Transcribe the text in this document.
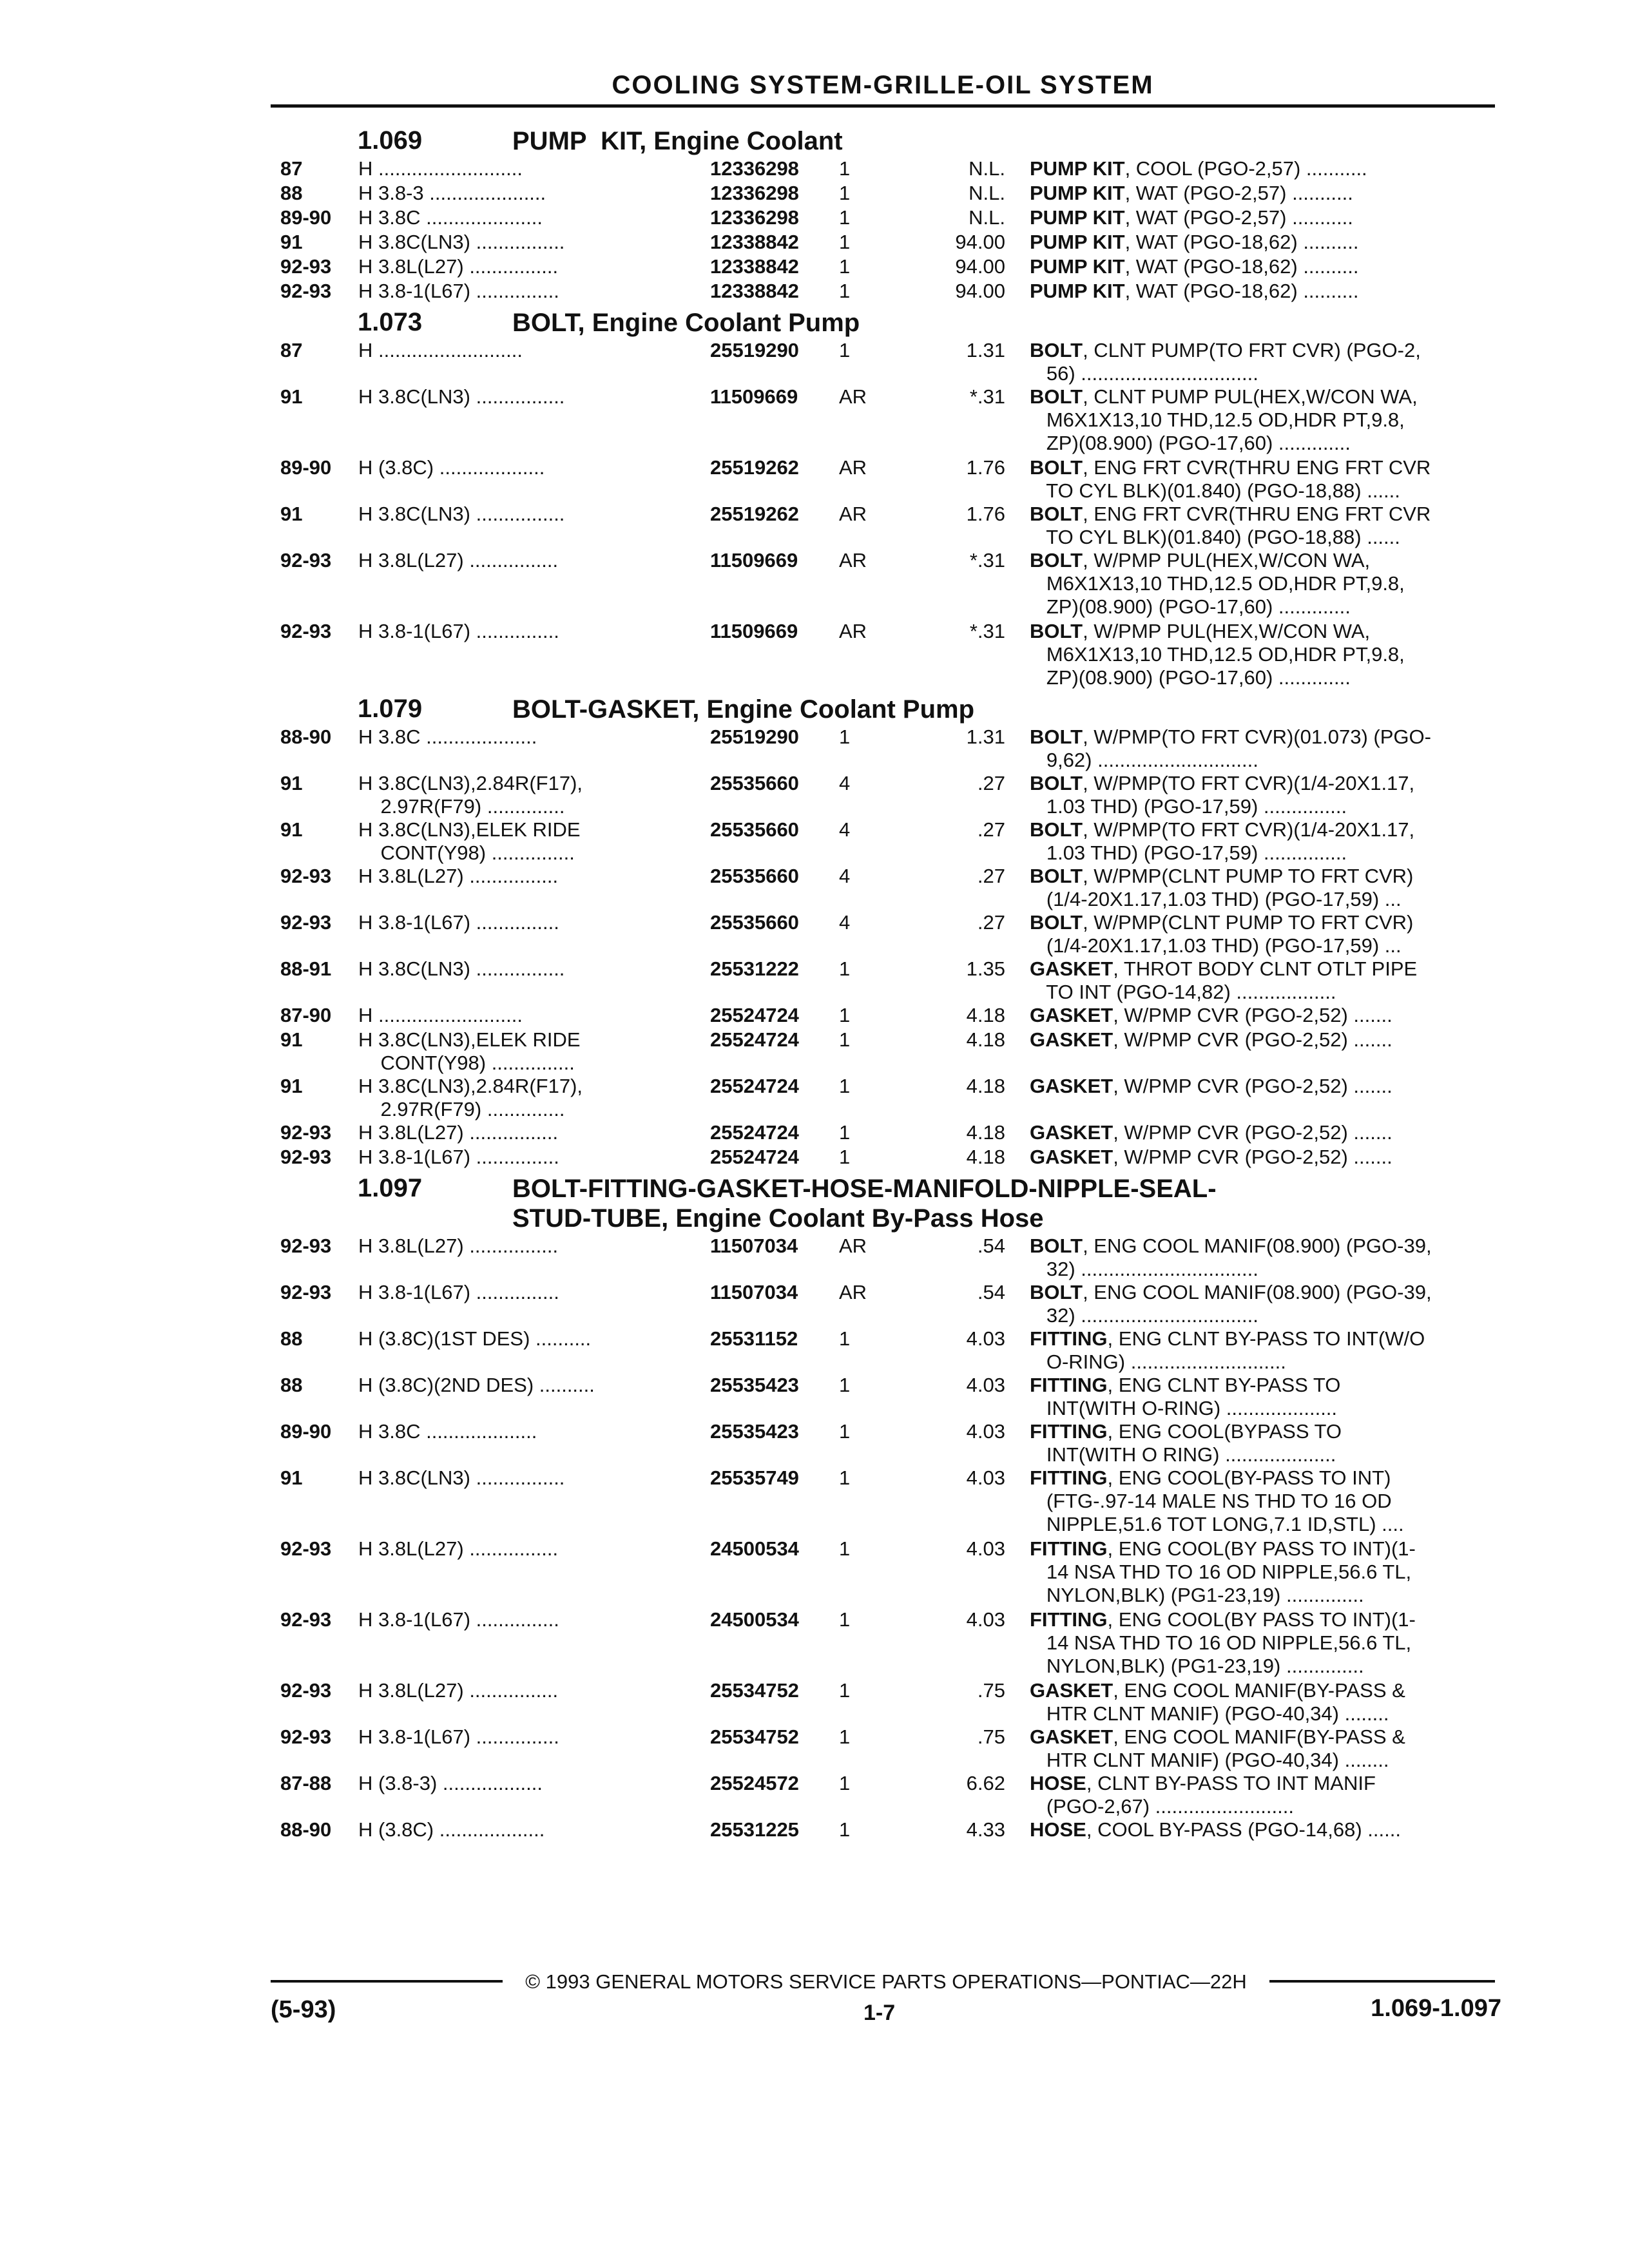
COOLING SYSTEM-GRILLE-OIL SYSTEM
1.069	PUMP  KIT, Engine Coolant
87	H ..........................	12336298	1	N.L. PUMP KIT, COOL (PGO-2,57) ...........
88	H 3.8-3 .....................	12336298	1	N.L. PUMP KIT, WAT (PGO-2,57) ...........
89-90 H 3.8C .....................	12336298	1	N.L. PUMP KIT, WAT (PGO-2,57) ...........
91	H 3.8C(LN3) ................	12338842	1	94.00 PUMP KIT, WAT (PGO-18,62) ..........
92-93 H 3.8L(L27) ................	12338842	1	94.00 PUMP KIT, WAT (PGO-18,62) ..........
92-93 H 3.8-1(L67) ...............	12338842	1	94.00 PUMP KIT, WAT (PGO-18,62) ..........
1.073	BOLT, Engine Coolant Pump
87	H ..........................	25519290	1	1.31 BOLT, CLNT PUMP(TO FRT CVR) (PGO-2,
56) ................................
91	H 3.8C(LN3) ................	11509669	AR	*.31 BOLT, CLNT PUMP PUL(HEX,W/CON WA,
M6X1X13,10 THD,12.5 OD,HDR PT,9.8,
ZP)(08.900) (PGO-17,60) .............
89-90 H (3.8C) ...................	25519262	AR	1.76 BOLT, ENG FRT CVR(THRU ENG FRT CVR
TO CYL BLK)(01.840) (PGO-18,88) ......
91	H 3.8C(LN3) ................	25519262	AR	1.76 BOLT, ENG FRT CVR(THRU ENG FRT CVR
TO CYL BLK)(01.840) (PGO-18,88) ......
92-93 H 3.8L(L27) ................	11509669	AR	*.31 BOLT, W/PMP PUL(HEX,W/CON WA,
M6X1X13,10 THD,12.5 OD,HDR PT,9.8,
ZP)(08.900) (PGO-17,60) .............
92-93 H 3.8-1(L67) ...............	11509669	AR	*.31 BOLT, W/PMP PUL(HEX,W/CON WA,
M6X1X13,10 THD,12.5 OD,HDR PT,9.8,
ZP)(08.900) (PGO-17,60) .............
1.079	BOLT-GASKET, Engine Coolant Pump
88-90 H 3.8C ....................	25519290	1	1.31 BOLT, W/PMP(TO FRT CVR)(01.073) (PGO-
9,62) .............................
91	H 3.8C(LN3),2.84R(F17),
2.97R(F79) ..............
25535660	4	.27 BOLT, W/PMP(TO FRT CVR)(1/4-20X1.17,
1.03 THD) (PGO-17,59) ...............
91	H 3.8C(LN3),ELEK RIDE
CONT(Y98) ...............
25535660	4	.27 BOLT, W/PMP(TO FRT CVR)(1/4-20X1.17,
1.03 THD) (PGO-17,59) ...............
92-93 H 3.8L(L27) ................	25535660	4	.27 BOLT, W/PMP(CLNT PUMP TO FRT CVR)
(1/4-20X1.17,1.03 THD) (PGO-17,59) ...
92-93 H 3.8-1(L67) ...............	25535660	4	.27 BOLT, W/PMP(CLNT PUMP TO FRT CVR)
(1/4-20X1.17,1.03 THD) (PGO-17,59) ...
88-91 H 3.8C(LN3) ................	25531222	1	1.35 GASKET, THROT BODY CLNT OTLT PIPE
TO INT (PGO-14,82) ..................
87-90 H ..........................	25524724	1	4.18 GASKET, W/PMP CVR (PGO-2,52) .......
91	H 3.8C(LN3),ELEK RIDE
CONT(Y98) ...............
25524724	1	4.18 GASKET, W/PMP CVR (PGO-2,52) .......
91	H 3.8C(LN3),2.84R(F17),
2.97R(F79) ..............
25524724	1	4.18 GASKET, W/PMP CVR (PGO-2,52) .......
92-93 H 3.8L(L27) ................	25524724	1	4.18 GASKET, W/PMP CVR (PGO-2,52) .......
92-93 H 3.8-1(L67) ...............	25524724	1	4.18 GASKET, W/PMP CVR (PGO-2,52) .......
1.097	BOLT-FITTING-GASKET-HOSE-MANIFOLD-NIPPLE-SEAL-
STUD-TUBE, Engine Coolant By-Pass Hose
92-93 H 3.8L(L27) ................	11507034	AR	.54 BOLT, ENG COOL MANIF(08.900) (PGO-39,
32) ................................
92-93 H 3.8-1(L67) ...............	11507034	AR	.54 BOLT, ENG COOL MANIF(08.900) (PGO-39,
32) ................................
88	H (3.8C)(1ST DES) ..........	25531152	1	4.03 FITTING, ENG CLNT BY-PASS TO INT(W/O
O-RING) ............................
88	H (3.8C)(2ND DES) ..........	25535423	1	4.03 FITTING, ENG CLNT BY-PASS TO
INT(WITH O-RING) ....................
89-90 H 3.8C ....................	25535423	1	4.03 FITTING, ENG COOL(BYPASS TO
INT(WITH O RING) ....................
91	H 3.8C(LN3) ................	25535749	1	4.03 FITTING, ENG COOL(BY-PASS TO INT)
(FTG-.97-14 MALE NS THD TO 16 OD
NIPPLE,51.6 TOT LONG,7.1 ID,STL) ....
92-93 H 3.8L(L27) ................	24500534	1	4.03 FITTING, ENG COOL(BY PASS TO INT)(1-
14 NSA THD TO 16 OD NIPPLE,56.6 TL,
NYLON,BLK) (PG1-23,19) ..............
92-93 H 3.8-1(L67) ...............	24500534	1	4.03 FITTING, ENG COOL(BY PASS TO INT)(1-
14 NSA THD TO 16 OD NIPPLE,56.6 TL,
NYLON,BLK) (PG1-23,19) ..............
92-93 H 3.8L(L27) ................	25534752	1	.75 GASKET, ENG COOL MANIF(BY-PASS &
HTR CLNT MANIF) (PGO-40,34) ........
92-93 H 3.8-1(L67) ...............	25534752	1	.75 GASKET, ENG COOL MANIF(BY-PASS &
HTR CLNT MANIF) (PGO-40,34) ........
87-88 H (3.8-3) ..................	25524572	1	6.62 HOSE, CLNT BY-PASS TO INT MANIF
(PGO-2,67) .........................
88-90 H (3.8C) ...................	25531225	1	4.33 HOSE, COOL BY-PASS (PGO-14,68) ......
© 1993 GENERAL MOTORS SERVICE PARTS OPERATIONS—PONTIAC—22H
(5-93)	1-7	1.069-1.097
